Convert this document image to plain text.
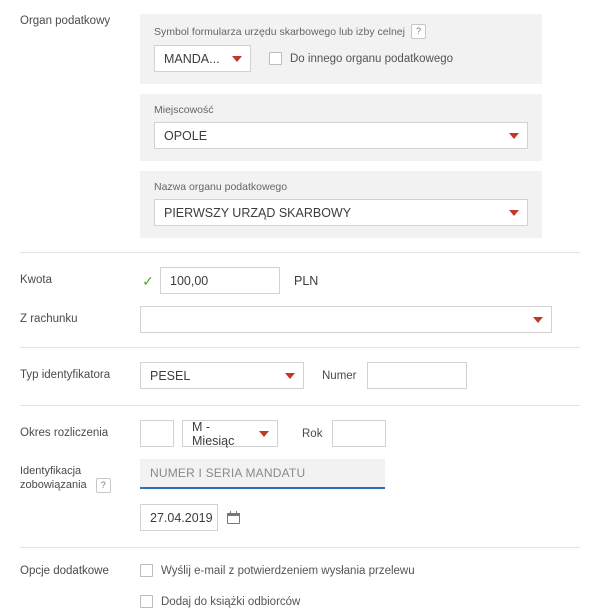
Organ podatkowy
Symbol formularza urzędu skarbowego lub izby celnej	?
MANDA...	Do innego organu podatkowego
Miejscowość
OPOLE
Nazwa organu podatkowego
PIERWSZY URZĄD SKARBOWY
Kwota	✓ 100,00	PLN
Z rachunku
Typ identyfikatora	PESEL	Numer
Okres rozliczenia	M - Miesiąc	Rok
Identyfikacja
zobowiązania ?
NUMER I SERIA MANDATU
27.04.2019
Opcje dodatkowe	Wyślij e-mail z potwierdzeniem wysłania przelewu
Dodaj do książki odbiorców
